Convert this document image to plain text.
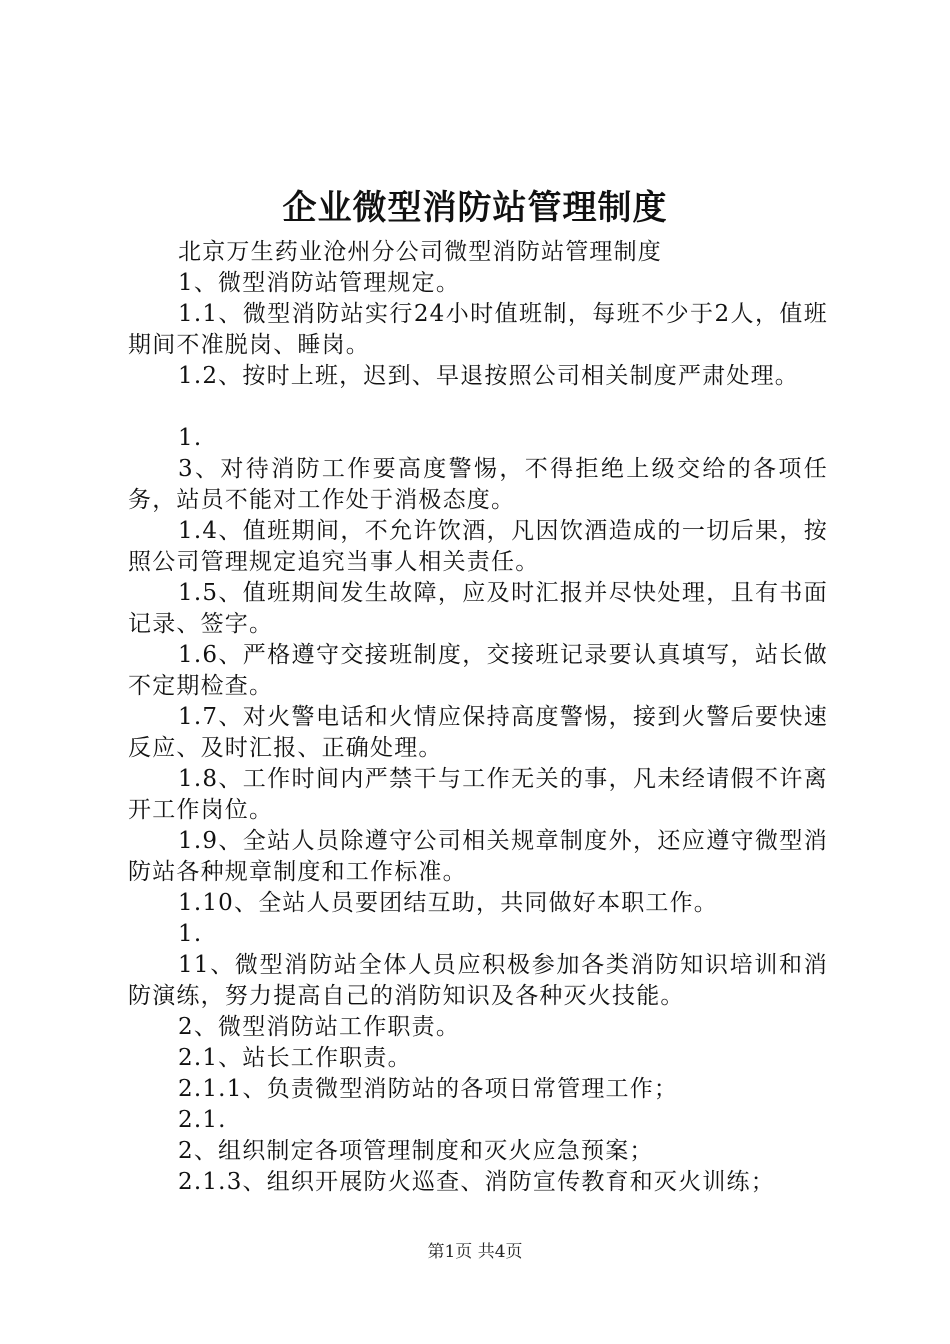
企业微型消防站管理制度

北京万生药业沧州分公司微型消防站管理制度

1、微型消防站管理规定。

1.1、微型消防站实行24小时值班制，每班不少于2人，值班期间不准脱岗、睡岗。

1.2、按时上班，迟到、早退按照公司相关制度严肃处理。

1.

3、对待消防工作要高度警惕，不得拒绝上级交给的各项任务，站员不能对工作处于消极态度。

1.4、值班期间，不允许饮酒，凡因饮酒造成的一切后果，按照公司管理规定追究当事人相关责任。

1.5、值班期间发生故障，应及时汇报并尽快处理，且有书面记录、签字。

1.6、严格遵守交接班制度，交接班记录要认真填写，站长做不定期检查。

1.7、对火警电话和火情应保持高度警惕，接到火警后要快速反应、及时汇报、正确处理。

1.8、工作时间内严禁干与工作无关的事，凡未经请假不许离开工作岗位。

1.9、全站人员除遵守公司相关规章制度外，还应遵守微型消防站各种规章制度和工作标准。

1.10、全站人员要团结互助，共同做好本职工作。

1.

11、微型消防站全体人员应积极参加各类消防知识培训和消防演练，努力提高自己的消防知识及各种灭火技能。

2、微型消防站工作职责。

2.1、站长工作职责。

2.1.1、负责微型消防站的各项日常管理工作；

2.1.

2、组织制定各项管理制度和灭火应急预案；

2.1.3、组织开展防火巡查、消防宣传教育和灭火训练；

第1页 共4页
